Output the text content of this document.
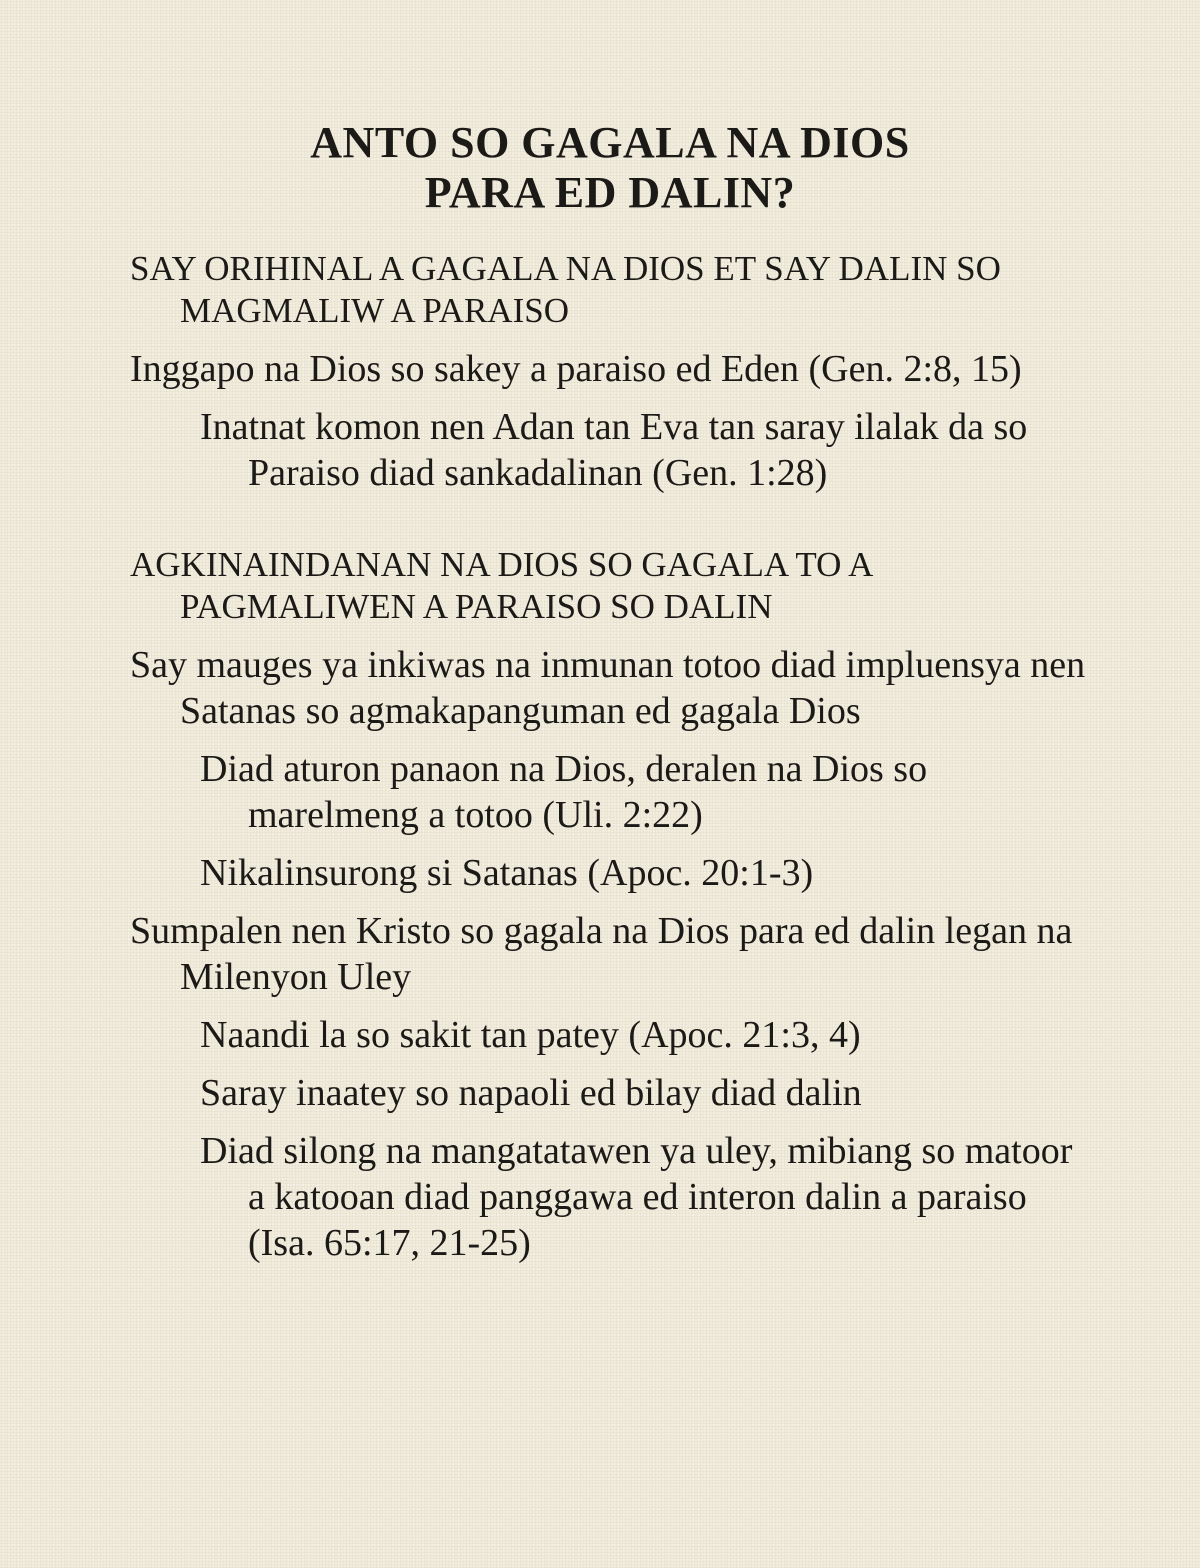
ANTO SO GAGALA NA DIOS
PARA ED DALIN?

SAY ORIHINAL A GAGALA NA DIOS ET SAY DALIN SO MAGMALIW A PARAISO

Inggapo na Dios so sakey a paraiso ed Eden (Gen. 2:8, 15)

Inatnat komon nen Adan tan Eva tan saray ilalak da so Paraiso diad sankadalinan (Gen. 1:28)

AGKINAINDANAN NA DIOS SO GAGALA TO A PAGMALIWEN A PARAISO SO DALIN

Say mauges ya inkiwas na inmunan totoo diad impluensya nen Satanas so agmakapanguman ed gagala Dios

Diad aturon panaon na Dios, deralen na Dios so marelmeng a totoo (Uli. 2:22)

Nikalinsurong si Satanas (Apoc. 20:1-3)

Sumpalen nen Kristo so gagala na Dios para ed dalin legan na Milenyon Uley

Naandi la so sakit tan patey (Apoc. 21:3, 4)

Saray inaatey so napaoli ed bilay diad dalin

Diad silong na mangatatawen ya uley, mibiang so matoor a katooan diad panggawa ed interon dalin a paraiso (Isa. 65:17, 21-25)
